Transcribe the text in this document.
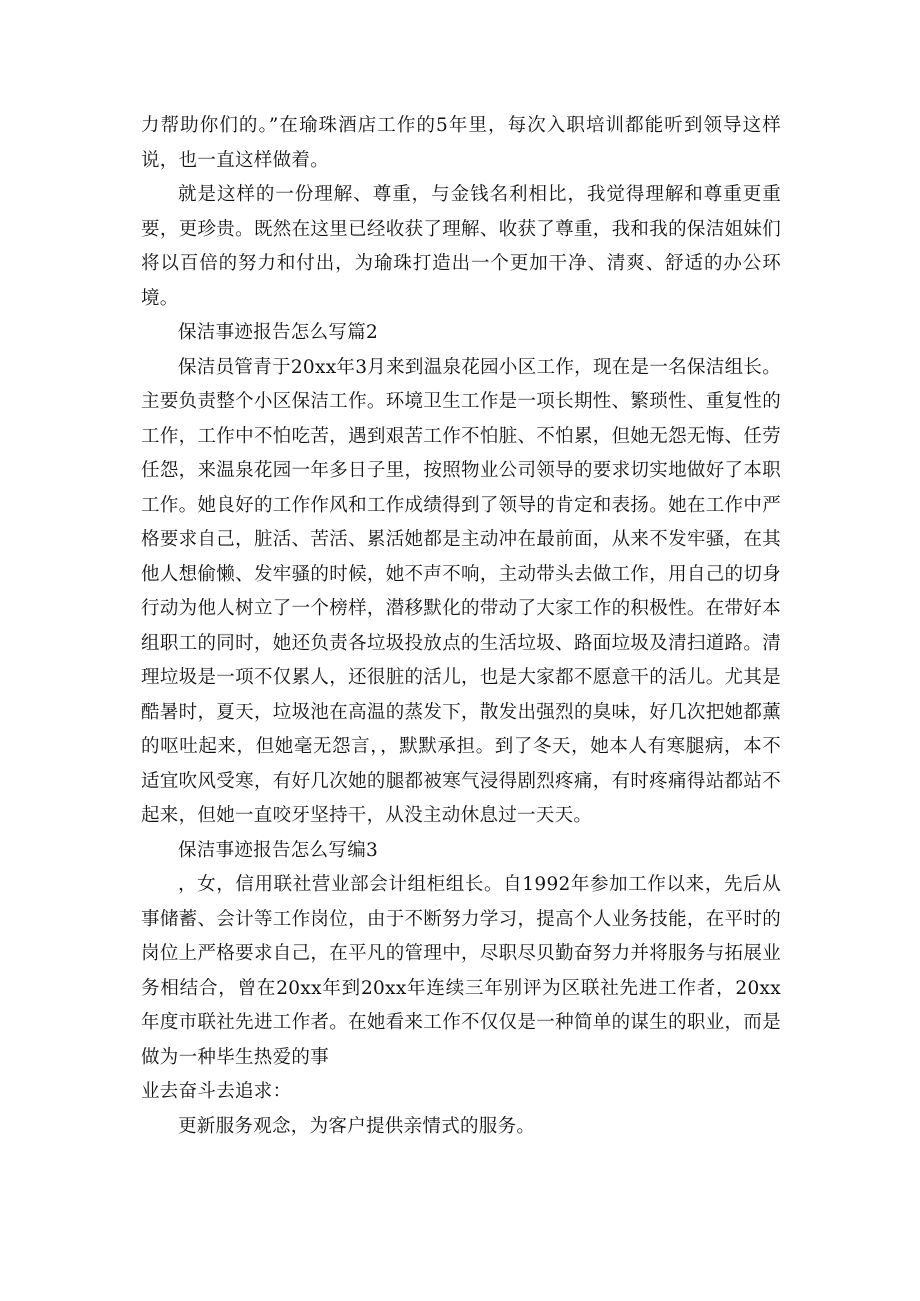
力帮助你们的。”在瑜珠酒店工作的5年里，每次入职培训都能听到领导这样说，也一直这样做着。

就是这样的一份理解、尊重，与金钱名利相比，我觉得理解和尊重更重要，更珍贵。既然在这里已经收获了理解、收获了尊重，我和我的保洁姐妹们将以百倍的努力和付出，为瑜珠打造出一个更加干净、清爽、舒适的办公环境。

保洁事迹报告怎么写篇2

保洁员管青于20xx年3月来到温泉花园小区工作，现在是一名保洁组长。主要负责整个小区保洁工作。环境卫生工作是一项长期性、繁琐性、重复性的工作，工作中不怕吃苦，遇到艰苦工作不怕脏、不怕累，但她无怨无悔、任劳任怨，来温泉花园一年多日子里，按照物业公司领导的要求切实地做好了本职工作。她良好的工作作风和工作成绩得到了领导的肯定和表扬。她在工作中严格要求自己，脏活、苦活、累活她都是主动冲在最前面，从来不发牢骚，在其他人想偷懒、发牢骚的时候，她不声不响，主动带头去做工作，用自己的切身行动为他人树立了一个榜样，潜移默化的带动了大家工作的积极性。在带好本组职工的同时，她还负责各垃圾投放点的生活垃圾、路面垃圾及清扫道路。清理垃圾是一项不仅累人，还很脏的活儿，也是大家都不愿意干的活儿。尤其是酷暑时，夏天，垃圾池在高温的蒸发下，散发出强烈的臭味，好几次把她都薰的呕吐起来，但她毫无怨言，，默默承担。到了冬天，她本人有寒腿病，本不适宜吹风受寒，有好几次她的腿都被寒气浸得剧烈疼痛，有时疼痛得站都站不起来，但她一直咬牙坚持干，从没主动休息过一天天。

保洁事迹报告怎么写编3

，女，信用联社营业部会计组柜组长。自1992年参加工作以来，先后从事储蓄、会计等工作岗位，由于不断努力学习，提高个人业务技能，在平时的岗位上严格要求自己，在平凡的管理中，尽职尽贝勤奋努力并将服务与拓展业务相结合，曾在20xx年到20xx年连续三年别评为区联社先进工作者，20xx年度市联社先进工作者。在她看来工作不仅仅是一种简单的谋生的职业，而是做为一种毕生热爱的事

业去奋斗去追求：

更新服务观念，为客户提供亲情式的服务。
